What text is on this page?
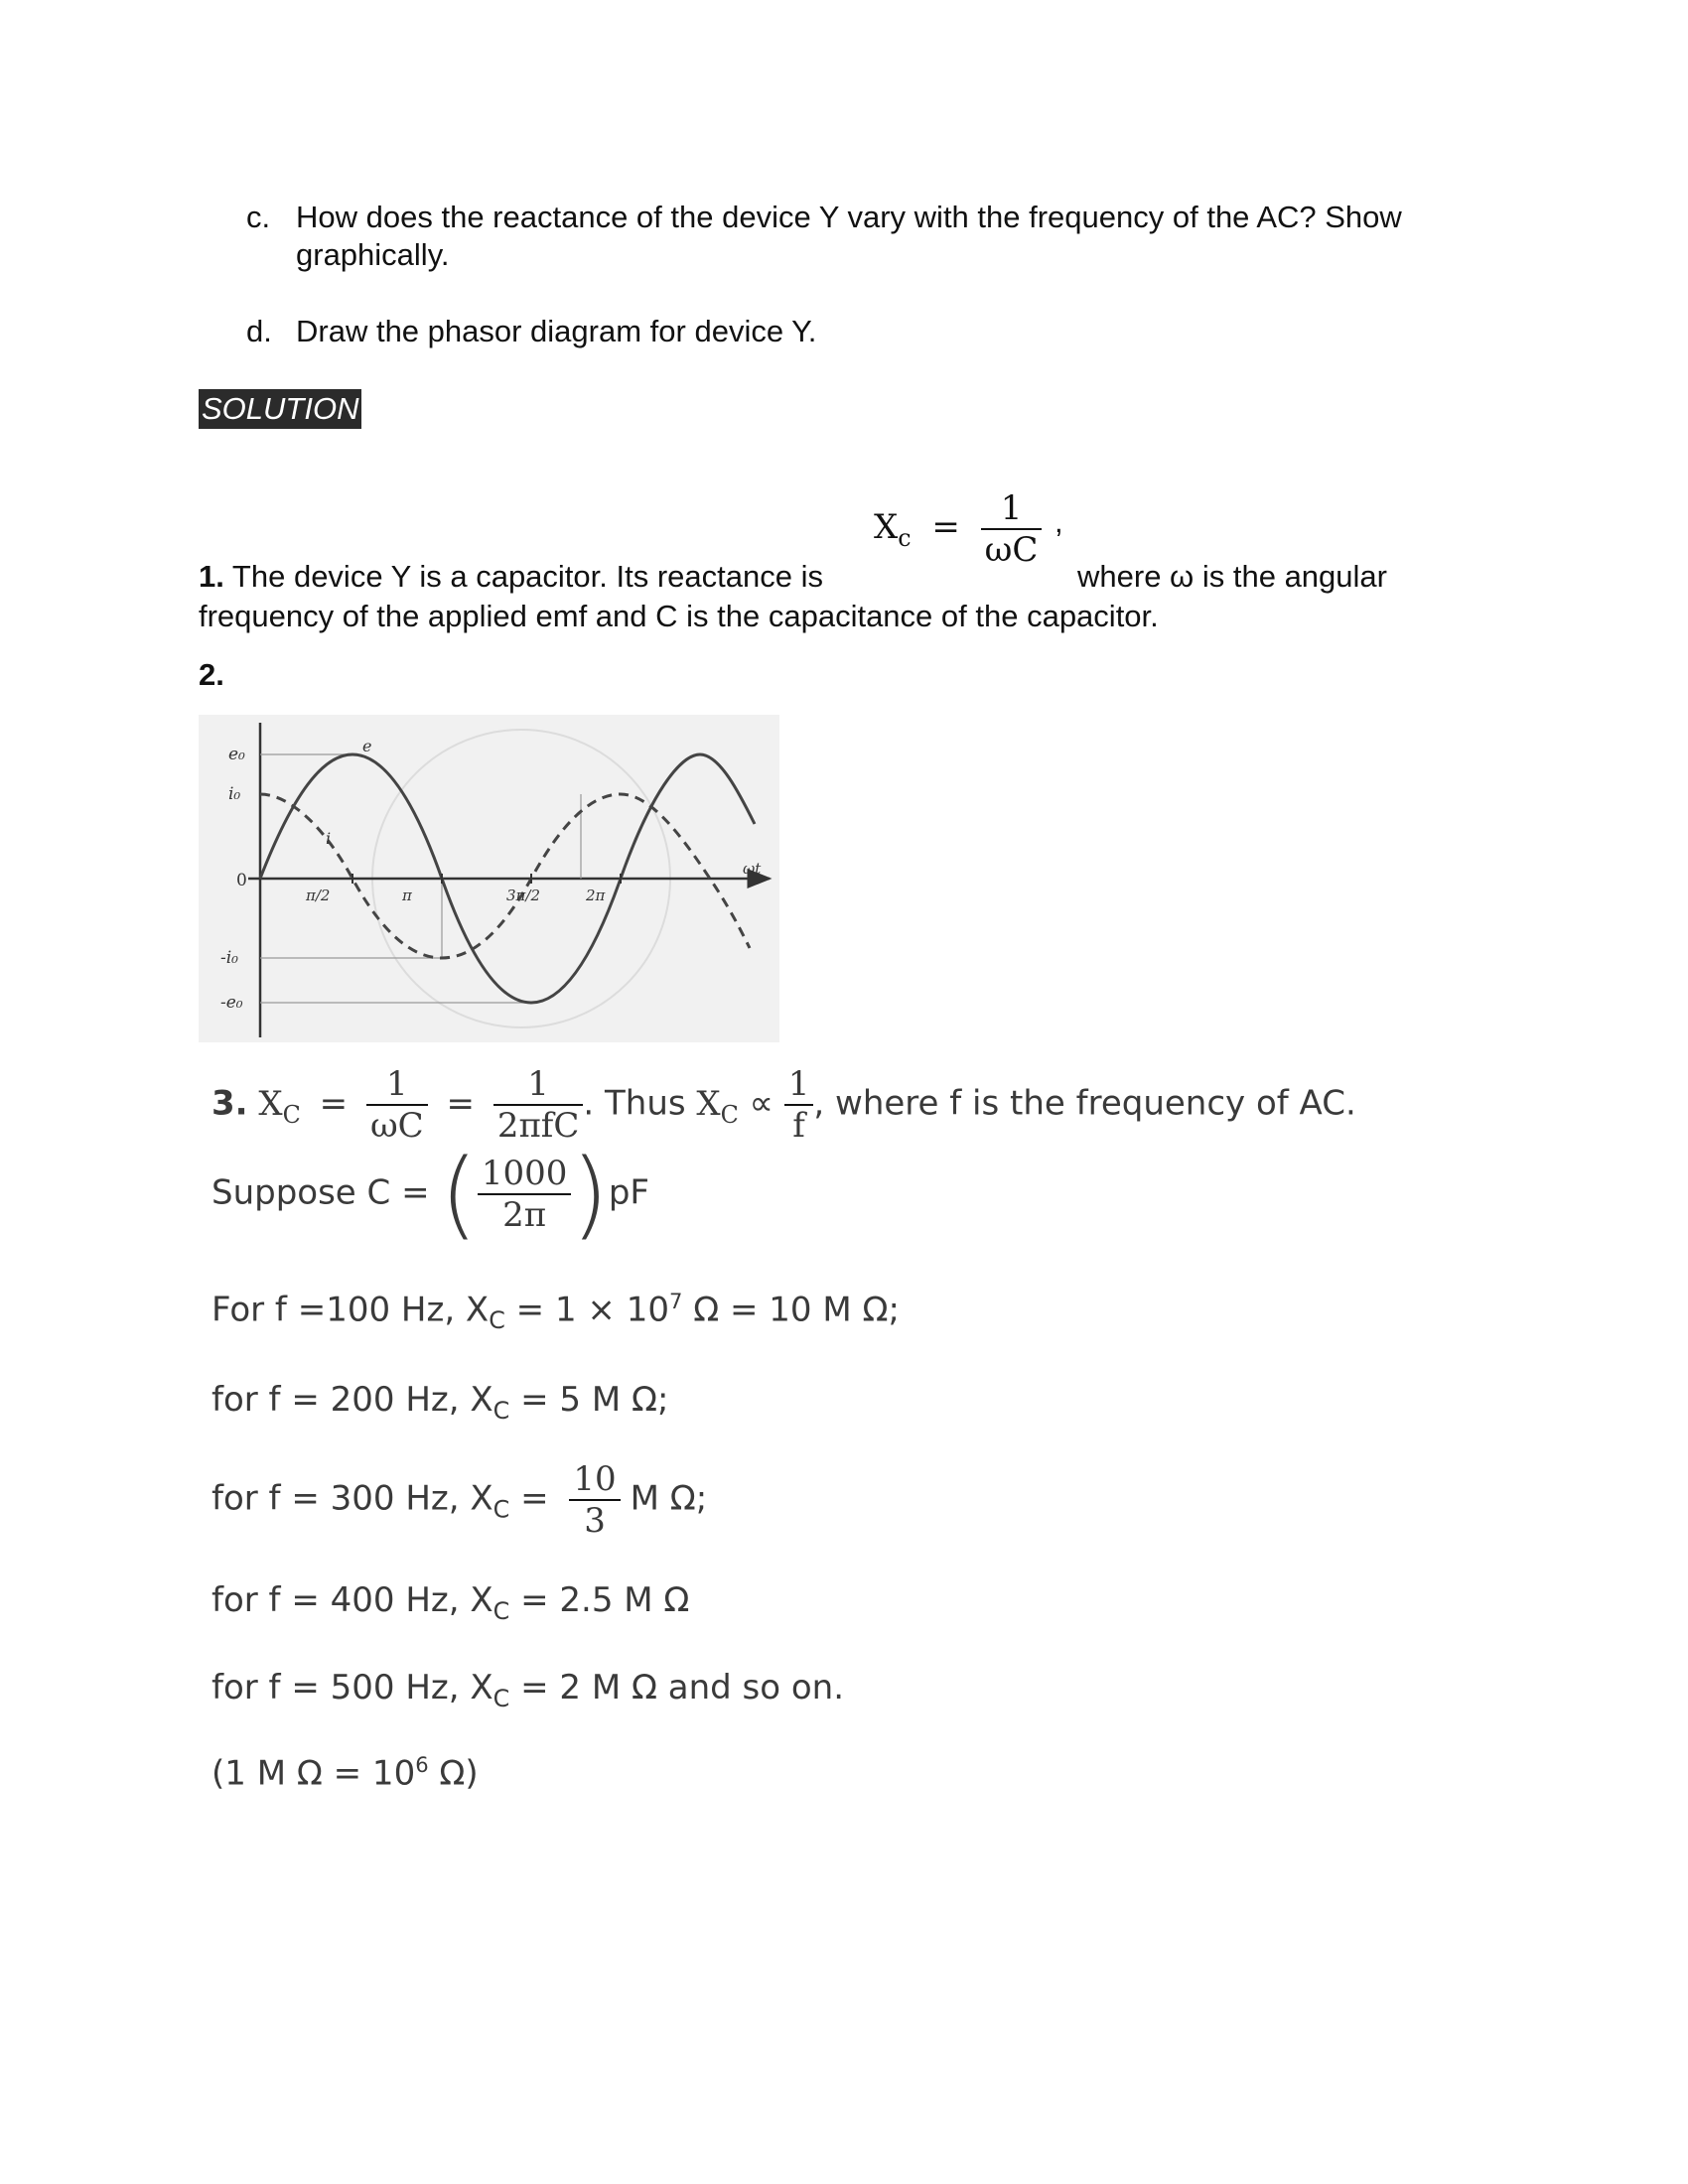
c. How does the reactance of the device Y vary with the frequency of the AC? Show graphically.
d. Draw the phasor diagram for device Y.
SOLUTION
$X_c = \frac{1}{\omega C}$ ,
1. The device Y is a capacitor. Its reactance is	where ω is the angular
frequency of the applied emf and C is the capacitance of the capacitor.
2.
e₀
i₀
0
-i₀
-e₀
π/2	π	3π/2	2π
ωt
e
i
3. $X_C = \frac{1}{\omega C} = \frac{1}{\text{2πfC}}$ . Thus $X_C \propto \frac{1}{f}$ , where f is the frequency of AC.
Suppose C = ( $\frac{1000}{2\pi} )pF$
For f =100 Hz, $X_C = 1 \times 10^7$ Ω = 10 M Ω;
for f = 200 Hz, $X_C = 5$ M Ω;
for f = 300 Hz, $X_C = \frac{10}{3}$ M Ω;
for f = 400 Hz, $X_C = 2.5$ M Ω
for f = 500 Hz, $X_C = 2$ M Ω and so on.
(1 M $\Omega = 10^6$ Ω)
